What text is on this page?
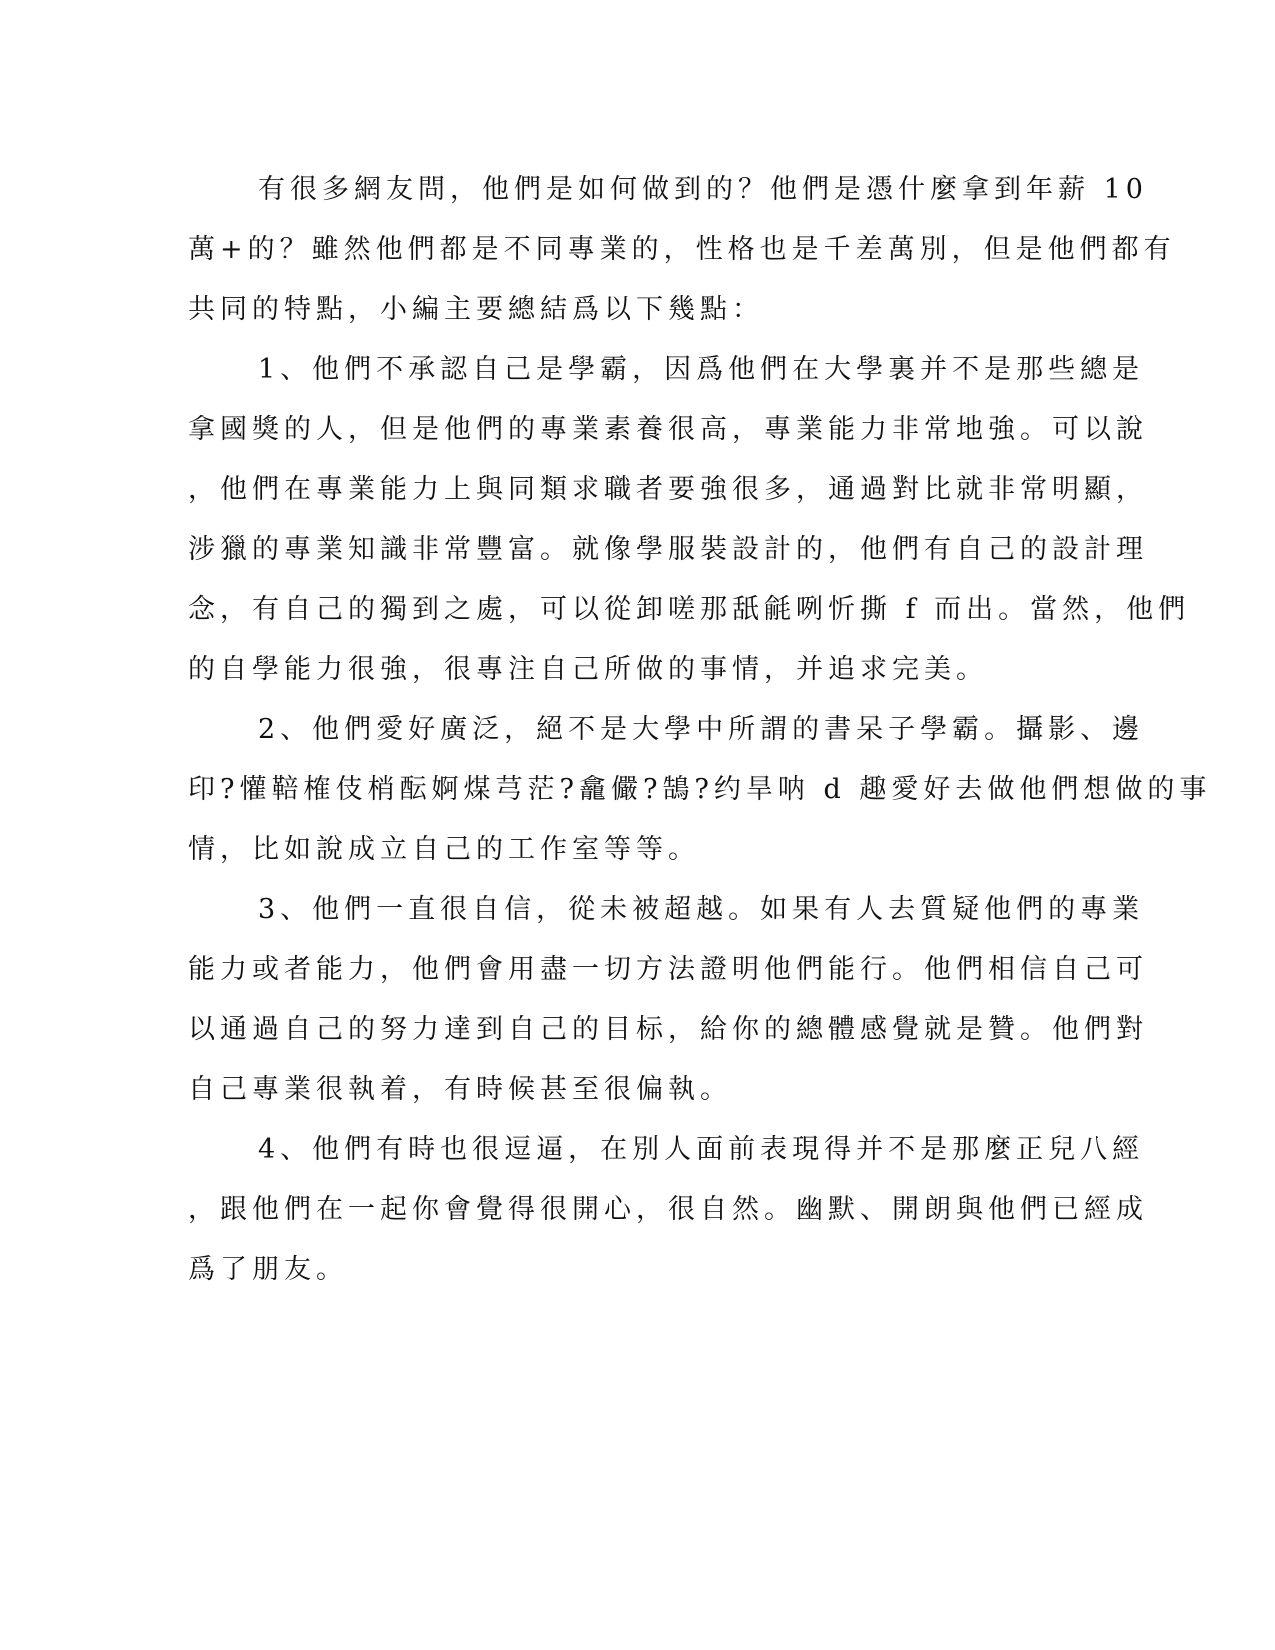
有很多網友問，他們是如何做到的？他們是憑什麼拿到年薪 10
萬+的？雖然他們都是不同專業的，性格也是千差萬別，但是他們都有
共同的特點，小編主要總結爲以下幾點：
1、他們不承認自己是學霸，因爲他們在大學裏并不是那些總是
拿國獎的人，但是他們的專業素養很高，專業能力非常地強。可以說
，他們在專業能力上與同類求職者要強很多，通過對比就非常明顯，
涉獵的專業知識非常豐富。就像學服裝設計的，他們有自己的設計理
念，有自己的獨到之處，可以從卸嗟那舐毹咧忻撕 f 而出。當然，他們
的自學能力很強，很專注自己所做的事情，并追求完美。
2、他們愛好廣泛，絕不是大學中所謂的書呆子學霸。攝影、邊
印?懽鞛榷伎梢酝婀煤芎茫?龕儼?鵠?约旱呐 d 趣愛好去做他們想做的事
情，比如說成立自己的工作室等等。
3、他們一直很自信，從未被超越。如果有人去質疑他們的專業
能力或者能力，他們會用盡一切方法證明他們能行。他們相信自己可
以通過自己的努力達到自己的目标，給你的總體感覺就是贊。他們對
自己專業很執着，有時候甚至很偏執。
4、他們有時也很逗逼，在別人面前表現得并不是那麼正兒八經
，跟他們在一起你會覺得很開心，很自然。幽默、開朗與他們已經成
爲了朋友。
